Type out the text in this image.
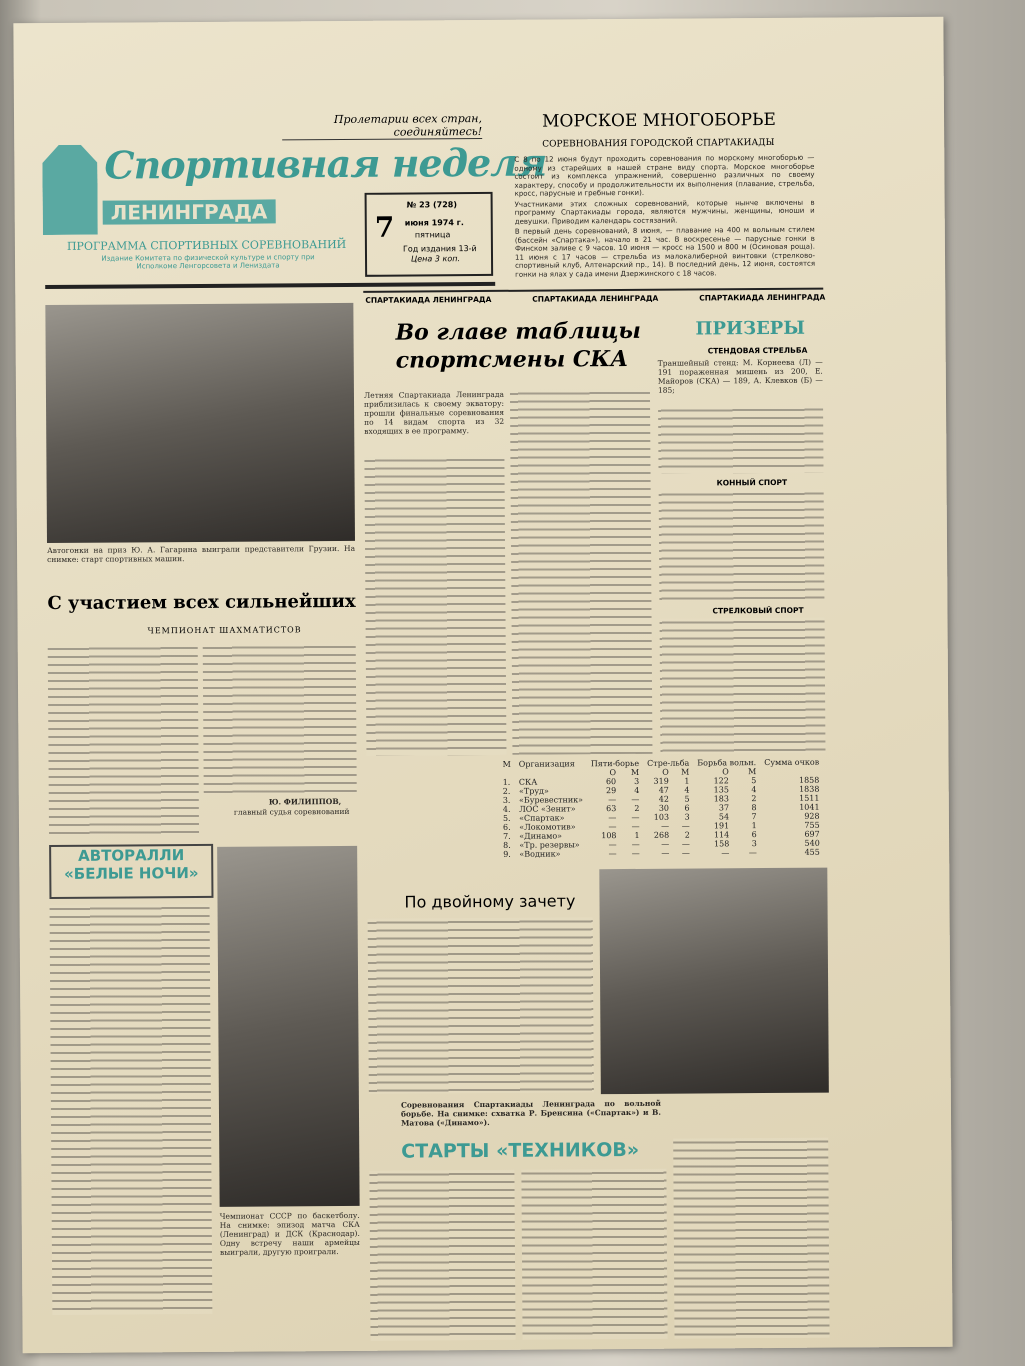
Пролетарии всех стран, соединяйтесь!
Спортивная неделя
ЛЕНИНГРАДА
ПРОГРАММА СПОРТИВНЫХ СОРЕВНОВАНИЙ
Издание Комитета по физической культуре и спорту при Исполкоме Ленгорсовета и Лениздата
№ 23 (728)
7 июня 1974 г.
пятница
Год издания 13-й
Цена 3 коп.
МОРСКОЕ МНОГОБОРЬЕ
СОРЕВНОВАНИЯ ГОРОДСКОЙ СПАРТАКИАДЫ

С 8 по 12 июня будут проходить соревнования по морскому многоборью — одному из старейших в нашей стране виду спорта. Морское многоборье состоит из комплекса упражнений, совершенно различных по своему характеру, способу и продолжительности их выполнения (плавание, стрельба, кросс, парусные и гребные гонки).

Участниками этих сложных соревнований, которые нынче включены в программу Спартакиады города, являются мужчины, женщины, юноши и девушки. Приводим календарь состязаний.

В первый день соревнований, 8 июня, — плавание на 400 м вольным стилем (бассейн «Спартака»), начало в 21 час. В воскресенье — парусные гонки в Финском заливе с 9 часов. 10 июня — кросс на 1500 и 800 м (Осиновая роща). 11 июня с 17 часов — стрельба из малокалиберной винтовки (стрелково-спортивный клуб, Алтенарский пр., 14). В последний день, 12 июня, состоятся гонки на ялах у сада имени Дзержинского с 18 часов.

СПАРТАКИАДА ЛЕНИНГРАДА	СПАРТАКИАДА ЛЕНИНГРАДА	СПАРТАКИАДА ЛЕНИНГРАДА
Автогонки на приз Ю. А. Гагарина выиграли представители Грузии. На снимке: старт спортивных машин.
С участием всех сильнейших
ЧЕМПИОНАТ ШАХМАТИСТОВ
Ю. ФИЛИППОВ,
главный судья соревнований
АВТОРАЛЛИ
«БЕЛЫЕ НОЧИ»
Чемпионат СССР по баскетболу. На снимке: эпизод матча СКА (Ленинград) и ДСК (Краснодар). Одну встречу наши армейцы выиграли, другую проиграли.
Во главе таблицы спортсмены СКА
Летняя Спартакиада Ленинграда приблизилась к своему экватору: прошли финальные соревнования по 14 видам спорта из 32 входящих в ее программу.
ПРИЗЕРЫ
СТЕНДОВАЯ СТРЕЛЬБА
Траншейный стенд: М. Корнеева (Л) — 191 пораженная мишень из 200, Е. Майоров (СКА) — 189, А. Клевков (Б) — 185;
КОННЫЙ СПОРТ
СТРЕЛКОВЫЙ СПОРТ
М	Организация	Пяти-борье		Стре-льба		Борьба вольн.		Сумма очков
		О	М	О	М	О	М	
1.	СКА	60	3	319	1	122	5	1858
2.	«Труд»	29	4	47	4	135	4	1838
3.	«Буревестник»	—	—	42	5	183	2	1511
4.	ЛОС «Зенит»	63	2	30	6	37	8	1041
5.	«Спартак»	—	—	103	3	54	7	928
6.	«Локомотив»	—	—	—	—	191	1	755
7.	«Динамо»	108	1	268	2	114	6	697
8.	«Тр. резервы»	—	—	—	—	158	3	540
9.	«Водник»	—	—	—	—	—	—	455
По двойному зачету
Соревнования Спартакиады Ленинграда по вольной борьбе. На снимке: схватка Р. Бренсина («Спартак») и В. Матова («Динамо»).
СТАРТЫ «ТЕХНИКОВ»
